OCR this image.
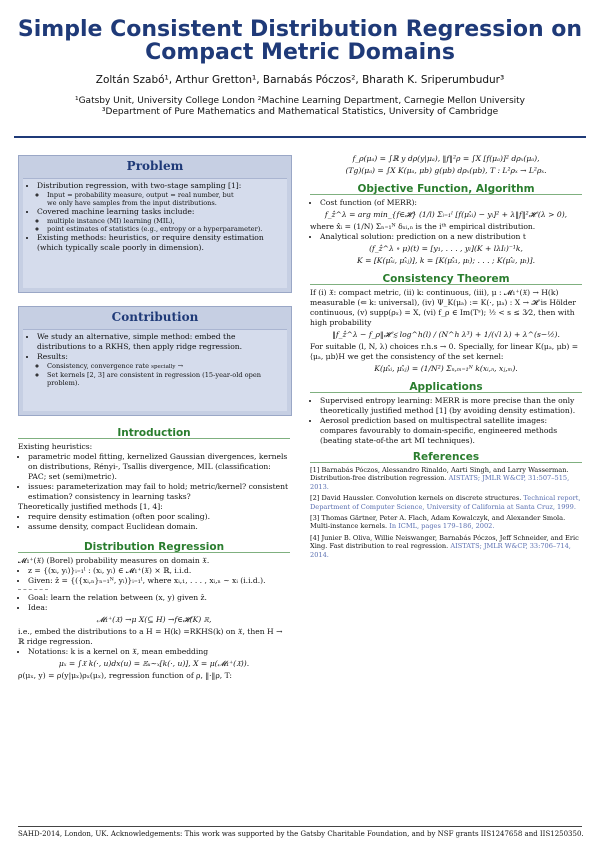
Simple Consistent Distribution Regression on
Compact Metric Domains
Zoltán Szabó¹, Arthur Gretton¹, Barnabás Póczos², Bharath K. Sriperumbudur³
¹Gatsby Unit, University College London ²Machine Learning Department, Carnegie Mellon University
³Department of Pure Mathematics and Mathematical Statistics, University of Cambridge
Problem
• Distribution regression, with two-stage sampling [1]:
◦ Input = probability measure, output = real number, but
we only have samples from the input distributions.
• Covered machine learning tasks include:
◦ multiple instance (MI) learning (MIL),
◦ point estimates of statistics (e.g., entropy or a hyperparameter).
• Existing methods: heuristics, or require density estimation (which typically scale poorly in dimension).
Contribution
• We study an alternative, simple method: embed the distributions to a RKHS, then apply ridge regression.
• Results:
◦ Consistency, convergence rate specially →
◦ Set kernels [2, 3] are consistent in regression (15-year-old open problem).
Introduction
Existing heuristics:
• parametric model fitting, kernelized Gaussian divergences, kernels on distributions, Rényi-, Tsallis divergence, MIL (classification: PAC; set (semi)metric).
• issues: parameterization may fail to hold; metric/kernel? consistent estimation? consistency in learning tasks?
Theoretically justified methods [1, 4]:
• require density estimation (often poor scaling).
• assume density, compact Euclidean domain.
Distribution Regression
𝓜₁⁺(𝔛) (Borel) probability measures on domain 𝔛.
• z = {(xᵢ, yᵢ)}ᵢ₌₁ˡ : (xᵢ, yᵢ) ∈ 𝓜₁⁺(𝔛) × ℝ, i.i.d.
• Given: ẑ = {({xᵢ,ₙ}ₙ₌₁ᴺ, yᵢ)}ᵢ₌₁ˡ, where xᵢ,₁, . . . , xᵢ,ₙ ~ xᵢ (i.i.d.).
• Goal: learn the relation between (x, y) given ẑ.
• Idea:
𝓜₁⁺(𝔛) →μ X(⊆ H) →f∈𝓗(K) ℝ,
i.e., embed the distributions to a H = H(k) =RKHS(k) on 𝔛, then H → ℝ ridge regression.
• Notations: k is a kernel on 𝔛, mean embedding
μₓ = ∫𝔛 k(·, u)dx(u) = 𝔼ᵤ∼ₓ[k(·, u)], X = μ(𝓜₁⁺(𝔛)).
ρ(μₓ, y) = ρ(y|μₓ)ρₓ(μₓ), regression function of ρ, ‖·‖ρ, T:
f_ρ(μₐ) = ∫ℝ y dρ(y|μₐ), ‖f‖²ρ = ∫X [f(μₐ)]² dρₓ(μₐ),
(Tg)(μₐ) = ∫X K(μₐ, μb) g(μb) dρₓ(μb), T : L²ρₓ → L²ρₓ.
Objective Function, Algorithm
• Cost function (of MERR):
f_ẑ^λ = arg min_{f∈𝓗} (1/l) Σᵢ₌₁ˡ [f(μₓ̂ᵢ) − yᵢ]² + λ‖f‖²𝓗 (λ > 0),
where x̂ᵢ = (1/N) Σₙ₌₁ᴺ δₓᵢ,ₙ is the iᵗʰ empirical distribution.
• Analytical solution: prediction on a new distribution t
(f_ẑ^λ ∘ μ)(t) = [y₁, . . . , yₗ](K + lλIₗ)⁻¹k,
K = [K(μₓ̂ᵢ, μₓ̂ⱼ)], k = [K(μₓ̂₁, μₜ); . . . ; K(μₓ̂ₗ, μₜ)].
Consistency Theorem
If (i) 𝔛: compact metric, (ii) k: continuous, (iii), μ : 𝓜₁⁺(𝔛) → H(k) measurable (⇐ k: universal), (iv) Ψ_K(μₐ) := K(·, μₐ) : X → 𝓗 is Hölder continuous, (v) supp(ρₓ) = X, (vi) f_ρ ∈ Im(Tˢ); ½ < s ≤ 3⁄2, then with high probability
‖f_ẑ^λ − f_ρ‖𝓗 ≲ log^h(l) / (N^h λ³) + 1/(√l λ) + λ^(s−½).
For suitable (l, N, λ) choices r.h.s → 0. Specially, for linear K(μₐ, μb) = ⟨μₐ, μb⟩H we get the consistency of the set kernel:
K(μₓ̂ᵢ, μₓ̂ⱼ) = (1/N²) Σₙ,ₘ₌₁ᴺ k(xᵢ,ₙ, xⱼ,ₘ).
Applications
• Supervised entropy learning: MERR is more precise than the only theoretically justified method [1] (by avoiding density estimation).
• Aerosol prediction based on multispectral satellite images: compares favourably to domain-specific, engineered methods (beating state-of-the art MI techniques).
References
[1] Barnabás Póczos, Alessandro Rinaldo, Aarti Singh, and Larry Wasserman. Distribution-free distribution regression. AISTATS; JMLR W&CP, 31:507–515, 2013.
[2] David Haussler. Convolution kernels on discrete structures. Technical report, Department of Computer Science, University of California at Santa Cruz, 1999.
[3] Thomas Gärtner, Peter A. Flach, Adam Kowalczyk, and Alexander Smola. Multi-instance kernels. In ICML, pages 179–186, 2002.
[4] Junier B. Oliva, Willie Neiswanger, Barnabás Póczos, Jeff Schneider, and Eric Xing. Fast distribution to real regression. AISTATS; JMLR W&CP, 33:706–714, 2014.
SAHD-2014, London, UK. Acknowledgements: This work was supported by the Gatsby Charitable Foundation, and by NSF grants IIS1247658 and IIS1250350.
